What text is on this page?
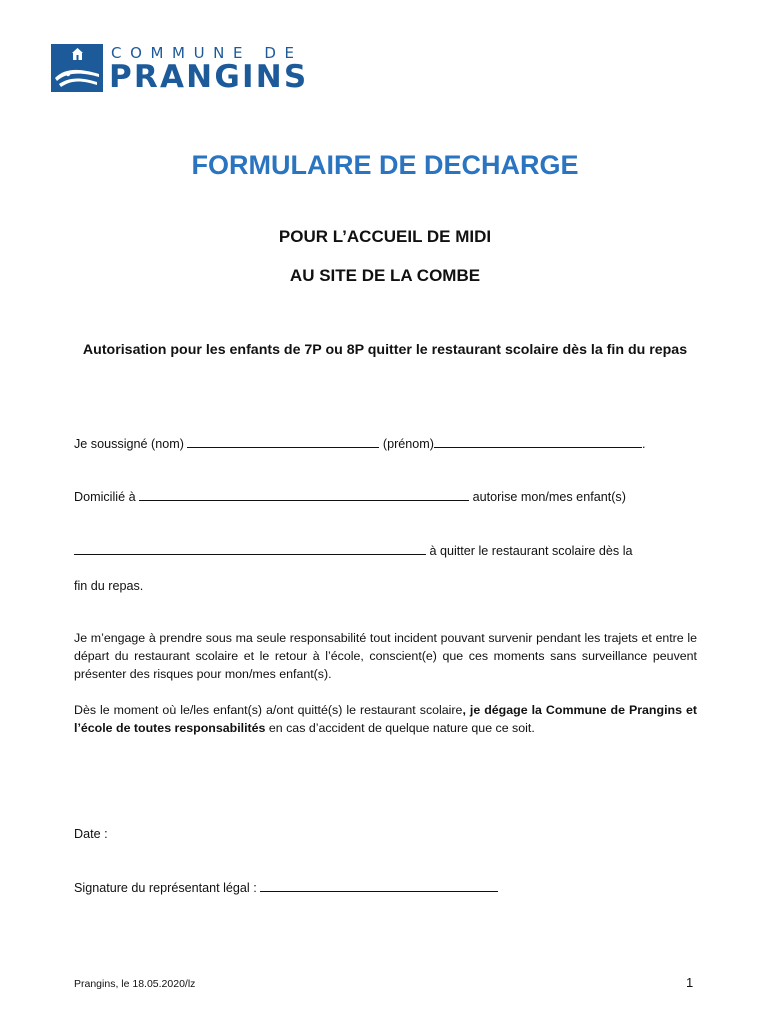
COMMUNE DE
PRANGINS
FORMULAIRE DE DECHARGE
POUR L’ACCUEIL DE MIDI
AU SITE DE LA COMBE
Autorisation pour les enfants de 7P ou 8P quitter le restaurant scolaire dès la fin du repas
Je soussigné (nom)	(prénom)	.
Domicilié à	autorise mon/mes enfant(s)
à quitter le restaurant scolaire dès la
fin du repas.
Je m’engage à prendre sous ma seule responsabilité tout incident pouvant survenir pendant les trajets et entre le départ du restaurant scolaire et le retour à l’école, conscient(e) que ces moments sans surveillance peuvent présenter des risques pour mon/mes enfant(s).
Dès le moment où le/les enfant(s) a/ont quitté(s) le restaurant scolaire, je dégage la Commune de Prangins et l’école de toutes responsabilités en cas d’accident de quelque nature que ce soit.
Date :
Signature du représentant légal :
Prangins, le 18.05.2020/lz	1
